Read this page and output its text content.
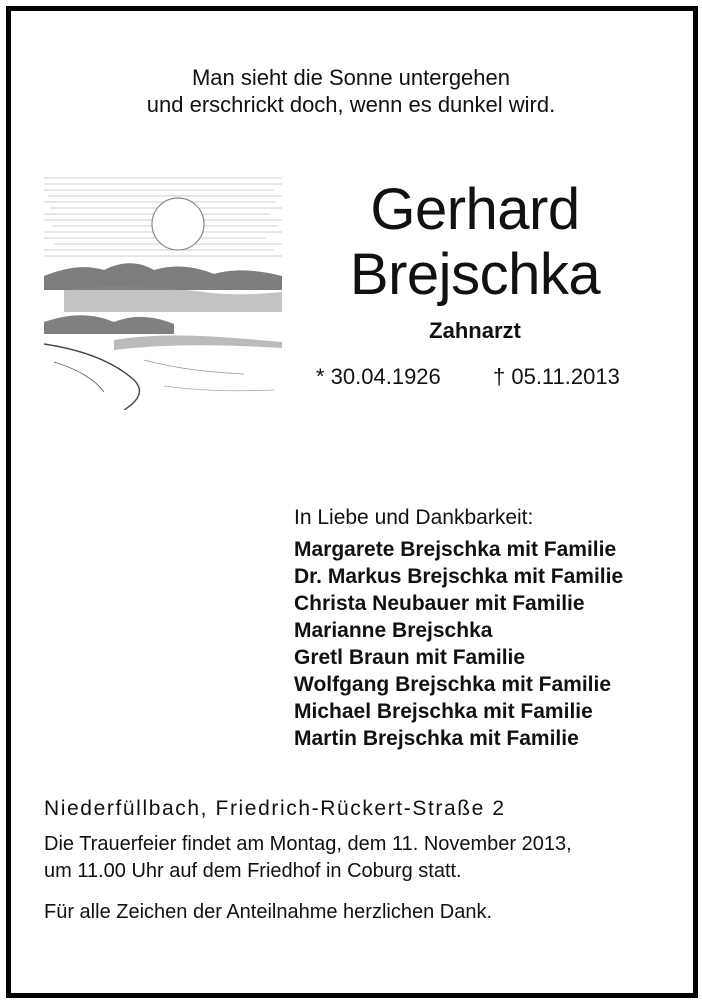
Man sieht die Sonne untergehen
und erschrickt doch, wenn es dunkel wird.
Gerhard
Brejschka
Zahnarzt
* 30.04.1926 † 05.11.2013
In Liebe und Dankbarkeit:
Margarete Brejschka mit Familie
Dr. Markus Brejschka mit Familie
Christa Neubauer mit Familie
Marianne Brejschka
Gretl Braun mit Familie
Wolfgang Brejschka mit Familie
Michael Brejschka mit Familie
Martin Brejschka mit Familie
Niederfüllbach, Friedrich-Rückert-Straße 2
Die Trauerfeier findet am Montag, dem 11. November 2013,
um 11.00 Uhr auf dem Friedhof in Coburg statt.
Für alle Zeichen der Anteilnahme herzlichen Dank.
